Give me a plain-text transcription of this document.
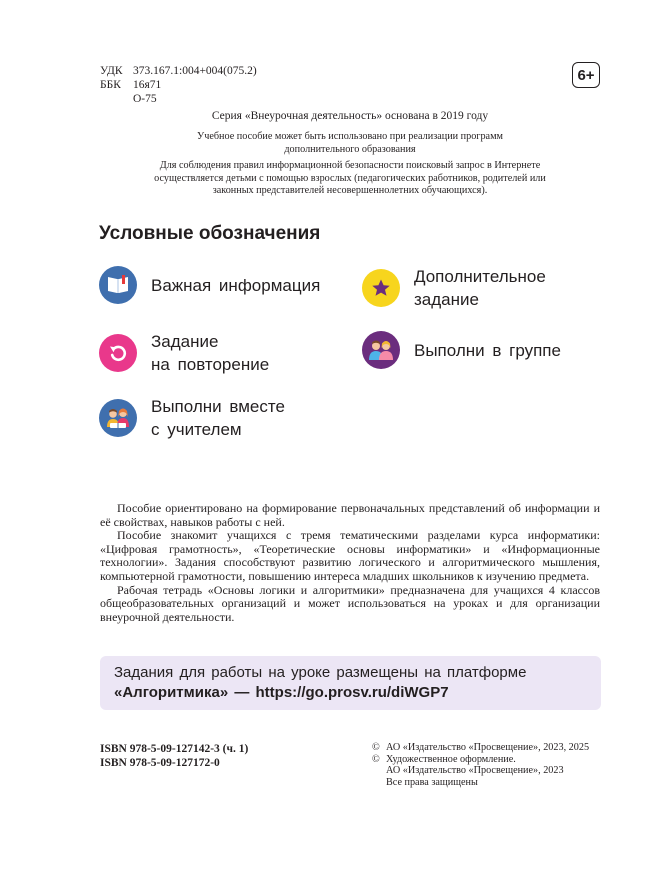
УДК 373.167.1:004+004(075.2)
ББК	16я71
О-75
6+
Серия «Внеурочная деятельность» основана в 2019 году
Учебное пособие может быть использовано при реализации программ
дополнительного образования
Для соблюдения правил информационной безопасности поисковый запрос в Интернете
осуществляется детьми с помощью взрослых (педагогических работников, родителей или
законных представителей несовершеннолетних обучающихся).
Условные обозначения
Важная информация	Дополнительное
задание
Задание
на повторение
Выполни в группе
Выполни вместе
с учителем

Пособие ориентировано на формирование первоначальных представлений об информации и её свойствах, навыков работы с ней.

Пособие знакомит учащихся с тремя тематическими разделами курса информатики: «Цифровая грамотность», «Теоретические основы информатики» и «Информационные технологии». Задания способствуют развитию логического и алгоритмического мышления, компьютерной грамотности, повышению интереса младших школьников к изучению предмета.

Рабочая тетрадь «Основы логики и алгоритмики» предназначена для учащихся 4 классов общеобразовательных организаций и может использоваться на уроках и для организации внеурочной деятельности.

Задания для работы на уроке размещены на платформе
«Алгоритмика» — https://go.prosv.ru/diWGP7
ISBN 978-5-09-127142-3 (ч. 1)
ISBN 978-5-09-127172-0
© АО «Издательство «Просвещение», 2023, 2025
© Художественное оформление.
АО «Издательство «Просвещение», 2023
Все права защищены
